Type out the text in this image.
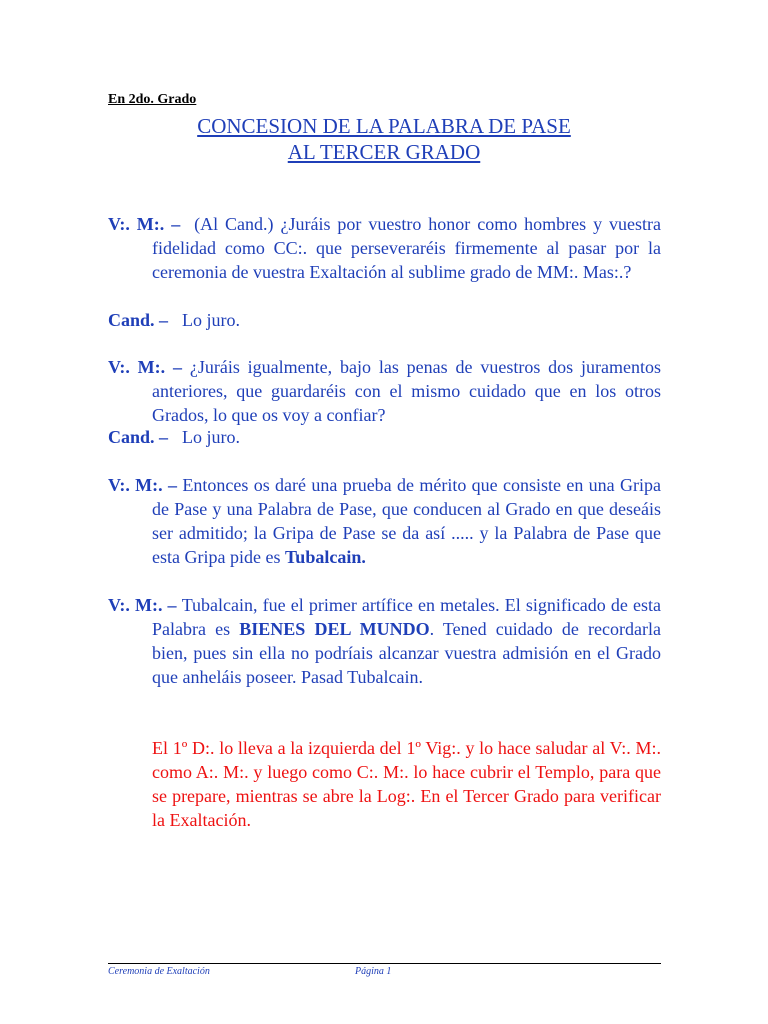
En 2do. Grado
CONCESION DE LA PALABRA DE PASE
AL TERCER GRADO
V:. M:. – (Al Cand.) ¿Juráis por vuestro honor como hombres y vuestra fidelidad como CC:. que perseveraréis firmemente al pasar por la ceremonia de vuestra Exaltación al sublime grado de MM:. Mas:.?
Cand. – Lo juro.
V:. M:. – ¿Juráis igualmente, bajo las penas de vuestros dos juramentos anteriores, que guardaréis con el mismo cuidado que en los otros Grados, lo que os voy a confiar?
Cand. – Lo juro.
V:. M:. – Entonces os daré una prueba de mérito que consiste en una Gripa de Pase y una Palabra de Pase, que conducen al Grado en que deseáis ser admitido; la Gripa de Pase se da así ..... y la Palabra de Pase que esta Gripa pide es Tubalcain.
V:. M:. – Tubalcain, fue el primer artífice en metales. El significado de esta Palabra es BIENES DEL MUNDO. Tened cuidado de recordarla bien, pues sin ella no podríais alcanzar vuestra admisión en el Grado que anheláis poseer. Pasad Tubalcain.
El 1º D:. lo lleva a la izquierda del 1º Vig:. y lo hace saludar al V:. M:. como A:. M:. y luego como C:. M:. lo hace cubrir el Templo, para que se prepare, mientras se abre la Log:. En el Tercer Grado para verificar la Exaltación.
Ceremonia de Exaltación	Página 1
